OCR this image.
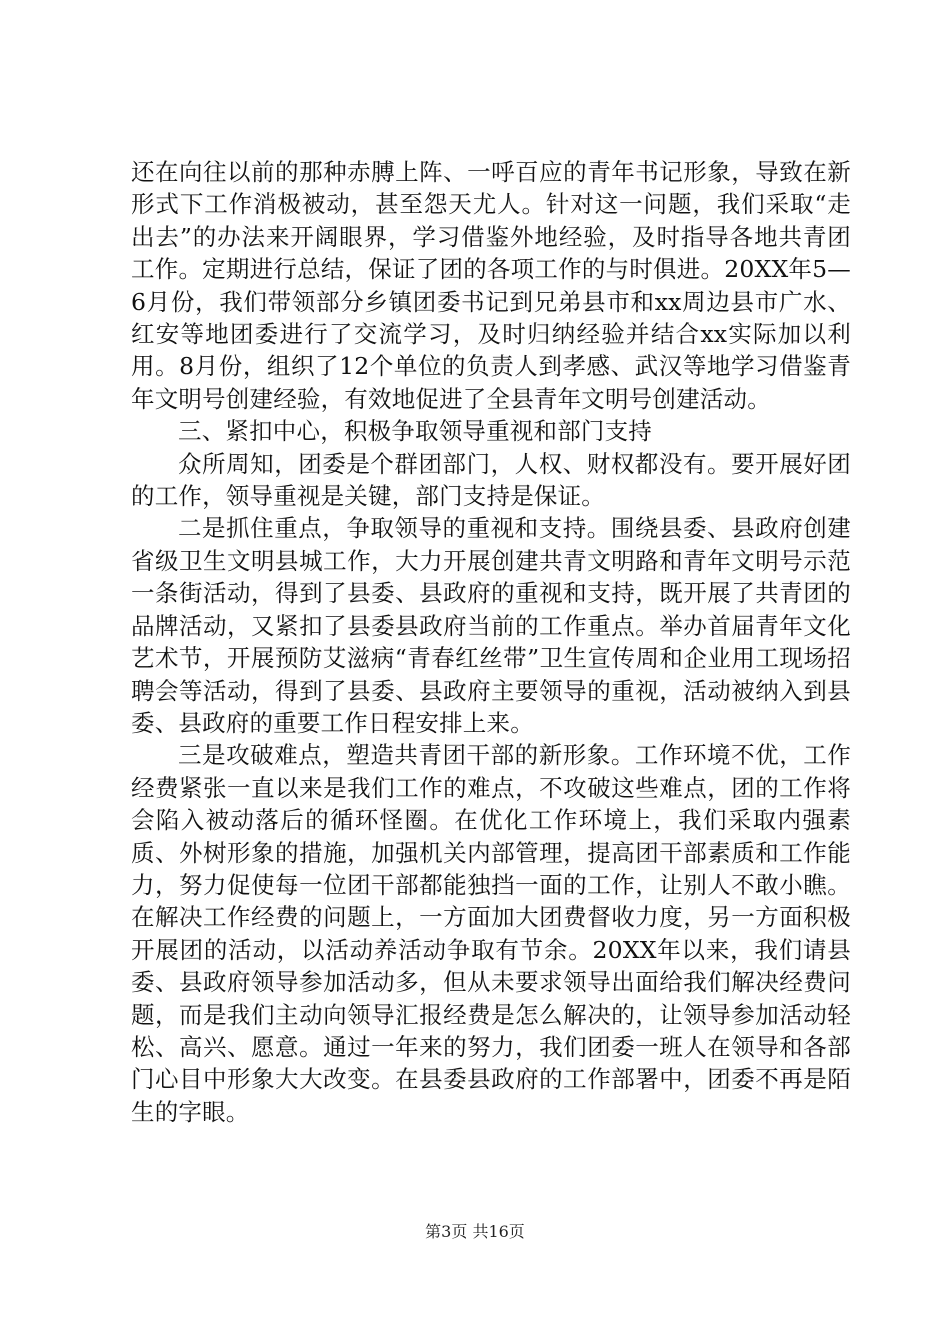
还在向往以前的那种赤膊上阵、一呼百应的青年书记形象，导致在新形式下工作消极被动，甚至怨天尤人。针对这一问题，我们采取“走出去”的办法来开阔眼界，学习借鉴外地经验，及时指导各地共青团工作。定期进行总结，保证了团的各项工作的与时俱进。20XX年5—6月份，我们带领部分乡镇团委书记到兄弟县市和xx周边县市广水、红安等地团委进行了交流学习，及时归纳经验并结合xx实际加以利用。8月份，组织了12个单位的负责人到孝感、武汉等地学习借鉴青年文明号创建经验，有效地促进了全县青年文明号创建活动。

三、紧扣中心，积极争取领导重视和部门支持

众所周知，团委是个群团部门，人权、财权都没有。要开展好团的工作，领导重视是关键，部门支持是保证。

二是抓住重点，争取领导的重视和支持。围绕县委、县政府创建省级卫生文明县城工作，大力开展创建共青文明路和青年文明号示范一条街活动，得到了县委、县政府的重视和支持，既开展了共青团的品牌活动，又紧扣了县委县政府当前的工作重点。举办首届青年文化艺术节，开展预防艾滋病“青春红丝带”卫生宣传周和企业用工现场招聘会等活动，得到了县委、县政府主要领导的重视，活动被纳入到县委、县政府的重要工作日程安排上来。

三是攻破难点，塑造共青团干部的新形象。工作环境不优，工作经费紧张一直以来是我们工作的难点，不攻破这些难点，团的工作将会陷入被动落后的循环怪圈。在优化工作环境上，我们采取内强素质、外树形象的措施，加强机关内部管理，提高团干部素质和工作能力，努力促使每一位团干部都能独挡一面的工作，让别人不敢小瞧。在解决工作经费的问题上，一方面加大团费督收力度，另一方面积极开展团的活动，以活动养活动争取有节余。20XX年以来，我们请县委、县政府领导参加活动多，但从未要求领导出面给我们解决经费问题，而是我们主动向领导汇报经费是怎么解决的，让领导参加活动轻松、高兴、愿意。通过一年来的努力，我们团委一班人在领导和各部门心目中形象大大改变。在县委县政府的工作部署中，团委不再是陌生的字眼。

第3页 共16页
